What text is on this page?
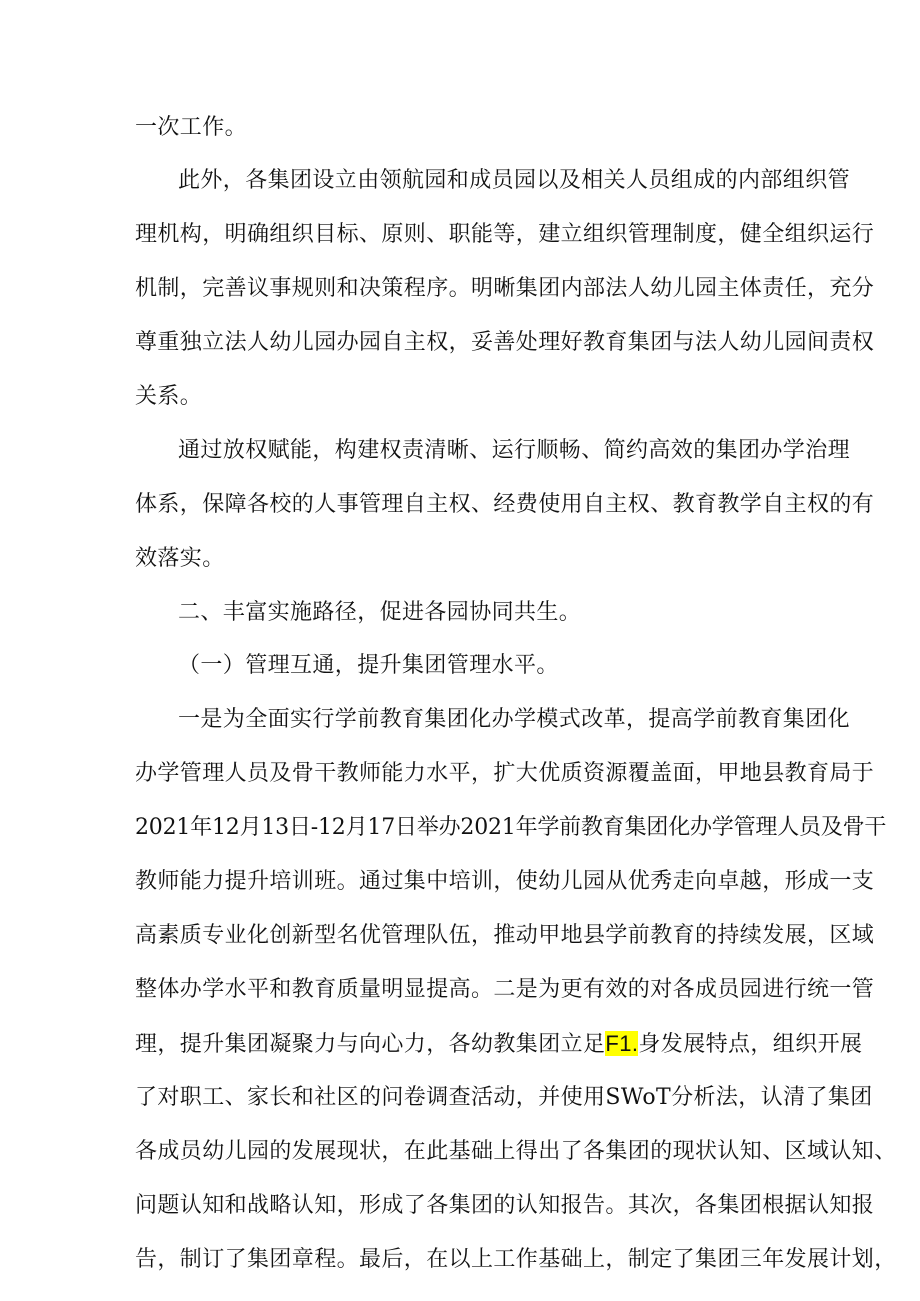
一次工作。
此外，各集团设立由领航园和成员园以及相关人员组成的内部组织管
理机构，明确组织目标、原则、职能等，建立组织管理制度，健全组织运行
机制，完善议事规则和决策程序。明晰集团内部法人幼儿园主体责任，充分
尊重独立法人幼儿园办园自主权，妥善处理好教育集团与法人幼儿园间责权
关系。
通过放权赋能，构建权责清晰、运行顺畅、简约高效的集团办学治理
体系，保障各校的人事管理自主权、经费使用自主权、教育教学自主权的有
效落实。
二、丰富实施路径，促进各园协同共生。
（一）管理互通，提升集团管理水平。
一是为全面实行学前教育集团化办学模式改革，提高学前教育集团化
办学管理人员及骨干教师能力水平，扩大优质资源覆盖面，甲地县教育局于
2021年12月13日-12月17日举办2021年学前教育集团化办学管理人员及骨干
教师能力提升培训班。通过集中培训，使幼儿园从优秀走向卓越，形成一支
高素质专业化创新型名优管理队伍，推动甲地县学前教育的持续发展，区域
整体办学水平和教育质量明显提高。二是为更有效的对各成员园进行统一管
理，提升集团凝聚力与向心力，各幼教集团立足F1.身发展特点，组织开展
了对职工、家长和社区的问卷调查活动，并使用SWoT分析法，认清了集团
各成员幼儿园的发展现状，在此基础上得出了各集团的现状认知、区域认知、
问题认知和战略认知，形成了各集团的认知报告。其次，各集团根据认知报
告，制订了集团章程。最后，在以上工作基础上，制定了集团三年发展计划，
